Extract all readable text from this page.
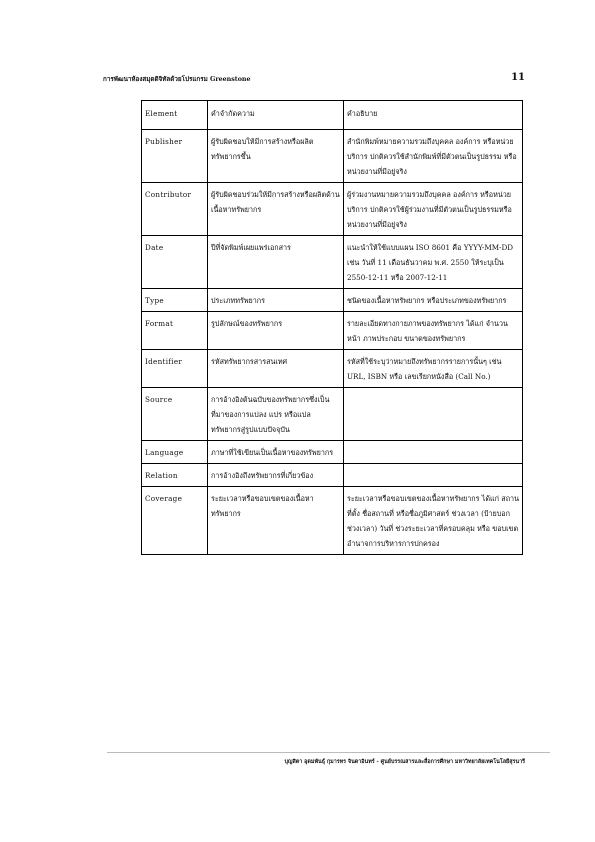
การพัฒนาห้องสมุดดิจิทัลด้วยโปรแกรม Greenstone	11
Element	คำจำกัดความ	คำอธิบาย
Publisher	ผู้รับผิดชอบให้มีการสร้างหรือผลิตทรัพยากรขึ้น	สำนักพิมพ์หมายความรวมถึงบุคคล องค์การ หรือหน่วยบริการ ปกติควรใช้สำนักพิมพ์ที่มีตัวตนเป็นรูปธรรม หรือหน่วยงานที่มีอยู่จริง
Contributor	ผู้รับผิดชอบร่วมให้มีการสร้างหรือผลิตด้านเนื้อหาทรัพยากร	ผู้ร่วมงานหมายความรวมถึงบุคคล องค์การ หรือหน่วยบริการ ปกติควรใช้ผู้ร่วมงานที่มีตัวตนเป็นรูปธรรมหรือหน่วยงานที่มีอยู่จริง
Date	ปีที่จัดพิมพ์เผยแพร่เอกสาร	แนะนำให้ใช้แบบแผน ISO 8601 คือ YYYY-MM-DD เช่น วันที่ 11 เดือนธันวาคม พ.ศ. 2550 ให้ระบุเป็น 2550-12-11 หรือ 2007-12-11
Type	ประเภททรัพยากร	ชนิดของเนื้อหาทรัพยากร หรือประเภทของทรัพยากร
Format	รูปลักษณ์ของทรัพยากร	รายละเอียดทางกายภาพของทรัพยากร ได้แก่ จำนวนหน้า ภาพประกอบ ขนาดของทรัพยากร
Identifier	รหัสทรัพยากรสารสนเทศ	รหัสที่ใช้ระบุว่าหมายถึงทรัพยากรรายการนั้นๆ เช่น URL, ISBN หรือ เลขเรียกหนังสือ (Call No.)
Source	การอ้างอิงต้นฉบับของทรัพยากรซึ่งเป็นที่มาของการแปลง แปร หรือแปลทรัพยากรสู่รูปแบบปัจจุบัน	
Language	ภาษาที่ใช้เขียนเป็นเนื้อหาของทรัพยากร	
Relation	การอ้างอิงถึงทรัพยากรที่เกี่ยวข้อง	
Coverage	ระยะเวลาหรือขอบเขตของเนื้อหาทรัพยากร	ระยะเวลาหรือขอบเขตของเนื้อหาทรัพยากร ได้แก่ สถานที่ตั้ง ชื่อสถานที่ หรือชื่อภูมิศาสตร์ ช่วงเวลา (ป้ายบอกช่วงเวลา) วันที่ ช่วงระยะเวลาที่ครอบคลุม หรือ ขอบเขตอำนาจการบริหารการปกครอง
บุญสิตา อุดมพันธุ์ กุมารทร จินดาอินทร์ - ศูนย์บรรณสารและสื่อการศึกษา มหาวิทยาลัยเทคโนโลยีสุรนารี
